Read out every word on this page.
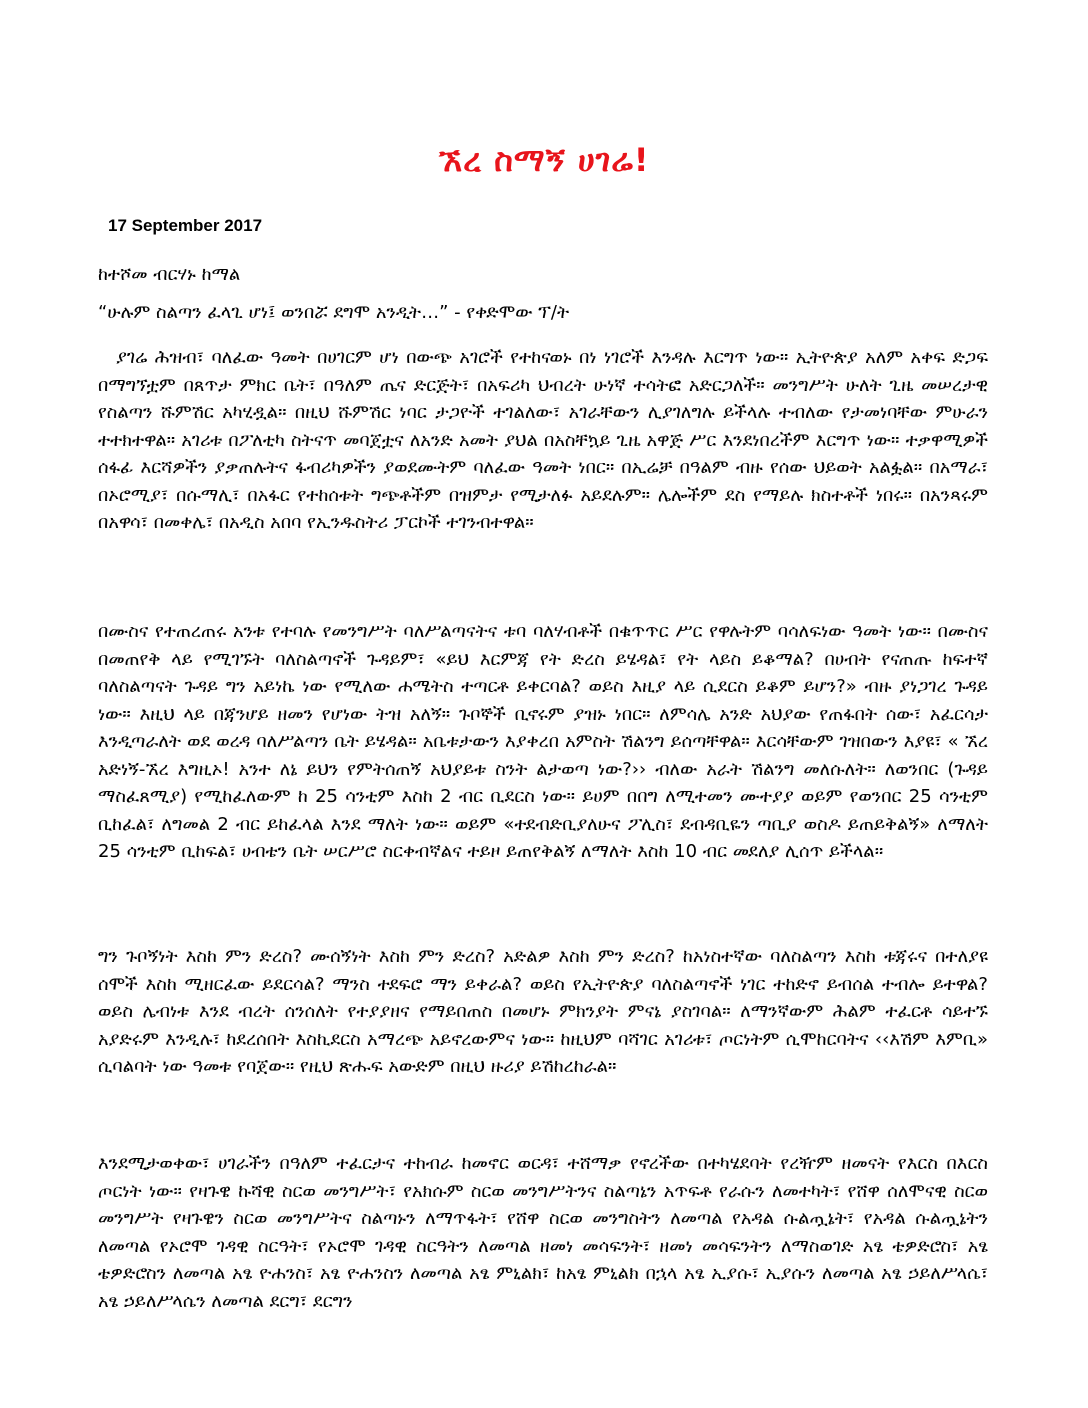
ኧረ ስማኝ ሀገሬ!
17 September 2017
ከተሾመ ብርሃኑ ከማል
“ሁሉም ስልጣን ፈላጊ ሆነ፤ ወንበሯ ደግሞ አንዲት…” - የቀድሞው ፕ/ት

ያገሬ ሕዝብ፣ ባለፈው ዓመት በሀገርም ሆነ በውጭ አገሮች የተከናወኑ በነ ነገሮች እንዳሉ እርግጥ ነው። ኢትዮጵያ አለም አቀፍ ድጋፍ በማግኘቷም በጸጥታ ምክር ቤት፣ በዓለም ጤና ድርጅት፣ በአፍሪካ ህብረት ሁነኛ ተሳትፎ አድርጋለች። መንግሥት ሁለት ጊዜ መሠረታዊ የስልጣን ሹምሽር አካሂዷል። በዚህ ሹምሽር ነባር ታጋዮች ተገልለው፣ አገራቸውን ሊያገለግሉ ይችላሉ ተብለው የታመነባቸው ምሁራን ተተክተዋል። አገሪቱ በፖለቲካ ስትናጥ መባጀቷና ለአንድ አመት ያህል በአስቸኳይ ጊዜ አዋጅ ሥር እንደነበረችም እርግጥ ነው። ተቃዋሚዎች ሰፋፊ እርሻዎችን ያቃጠሉትና ፋብሪካዎችን ያወደሙትም ባለፈው ዓመት ነበር። በኢሬቻ በዓልም ብዙ የሰው ህይወት አልፏል፡፡ በአማራ፣ በኦሮሚያ፣ በሱማሊ፣ በአፋር የተከሰቱት ግጭቶችም በዝምታ የሚታለፉ አይደሉም። ሌሎችም ደስ የማይሉ ክስተቶች ነበሩ። በአንጻሩም በአዋሳ፣ በመቀሌ፣ በአዲስ አበባ የኢንዱስትሪ ፓርኮች ተገንብተዋል።

በሙስና የተጠረጠሩ አንቱ የተባሉ የመንግሥት ባለሥልጣናትና ቱባ ባለሃብቶች በቁጥጥር ሥር የዋሉትም ባሳለፍነው ዓመት ነው፡፡ በሙስና በመጠየቅ ላይ የሚገኙት ባለስልጣኖች ጉዳይም፣ «ይህ እርምጃ የት ድረስ ይሄዳል፣ የት ላይስ ይቆማል? በሀብት የናጠጡ ከፍተኛ ባለስልጣናት ጉዳይ ግን አይነኬ ነው የሚለው ሐሜትስ ተጣርቶ ይቀርባል? ወይስ እዚያ ላይ ሲደርስ ይቆም ይሆን?» ብዙ ያነጋገረ ጉዳይ ነው። እዚህ ላይ በጃንሆይ ዘመን የሆነው ትዝ አለኝ። ጉቦኞች ቢኖሩም ያዝኑ ነበር። ለምሳሌ አንድ አህያው የጠፋበት ሰው፣ አፈርሳታ እንዲጣራለት ወደ ወረዳ ባለሥልጣን ቤት ይሄዳል። አቤቱታውን እያቀረበ አምስት ሽልንግ ይሰጣቸዋል። እርሳቸውም ገዝበውን እያዩ፣ « ኧረ አድነኝ-ኧረ እግዚኦ! አንተ ለኔ ይህን የምትሰጠኝ አህያይቱ ስንት ልታወጣ ነው?›› ብለው አራት ሽልንግ መለሱለት። ለወንበር (ጉዳይ ማስፈጸሚያ) የሚከፈለውም ከ 25 ሳንቲም እስከ 2 ብር ቢደርስ ነው። ይሀም በበግ ለሚተመን ሙተያያ ወይም የወንበር 25 ሳንቲም ቢከፈል፣ ለግመል 2 ብር ይከፈላል እንደ ማለት ነው። ወይም «ተደብድቢያለሁና ፖሊስ፣ ደብዳቢዬን ጣቢያ ወስዶ ይጠይቅልኝ» ለማለት 25 ሳንቲም ቢከፍል፣ ሀብቴን ቤት ሠርሥሮ ስርቀብኛልና ተይዞ ይጠየቅልኝ ለማለት እስከ 10 ብር መደለያ ሊሰጥ ይችላል፡፡

ግን ጉቦኝነት እስከ ምን ድረስ? ሙሰኝነት እስከ ምን ድረስ? አድልዎ እስከ ምን ድረስ? ከአነስተኛው ባለስልጣን እስከ ቱጃሩና በተለያዩ ሰሞች እስከ ሚዘርፈው ይደርሳል? ማንስ ተደፍሮ ማን ይቀራል? ወይስ የኢትዮጵያ ባለስልጣኖች ነገር ተከድኖ ይብሰል ተብሎ ይተዋል? ወይስ ሌብነቱ እንደ ብረት ሰንሰለት የተያያዘና የማይበጠስ በመሆኑ ምክንያት ምናኔ ያስገባል። ለማንኛውም ሕልም ተፈርቶ ሳይተኙ አያድሩም እንዲሉ፣ ከደረሰበት እስኪደርስ አማረጭ አይኖረውምና ነው። ከዚህም ባሻገር አገሪቱ፣ ጦርነትም ሲሞከርባትና ‹‹እሽም እምቢ» ሲባልባት ነው ዓመቱ የባጀው፡፡ የዚህ ጽሑፍ አውድም በዚህ ዙሪያ ይሽከረከራል።

እንደሚታወቀው፣ ሀገራችን በዓለም ተፈርታና ተከብራ ከመኖር ወርዳ፣ ተሸማቃ የኖረችው በተካሄደባት የረዥም ዘመናት የእርስ በእርስ ጦርነት ነው፡፡ የዛጉዌ ኩሻዊ ስርወ መንግሥት፣ የአክሱም ስርወ መንግሥትንና ስልጣኔን አጥፍቶ የራሱን ለመተካት፣ የሸዋ ሰለሞናዊ ስርወ መንግሥት የዛጉዌን ስርወ መንግሥትና ስልጣኑን ለማጥፋት፣ የሸዋ ስርወ መንግስትን ለመጣል የአዳል ሱልጧኔት፣ የአዳል ሱልጧኔትን ለመጣል የኦሮሞ ገዳዊ ስርዓት፣ የኦሮሞ ገዳዊ ስርዓትን ለመጣል ዘመነ መሳፍንት፣ ዘመነ መሳፍንትን ለማስወገድ አፄ ቴዎድሮስ፣ አፄ ቴዎድሮስን ለመጣል አፄ ዮሐንስ፣ አፄ ዮሐንስን ለመጣል አፄ ምኒልክ፣ ከአፄ ምኒልክ በኋላ አፄ ኢያሱ፣ ኢያሱን ለመጣል አፄ ኃይለሥላሴ፣ አፄ ኃይለሥላሴን ለመጣል ደርግ፣ ደርግን
